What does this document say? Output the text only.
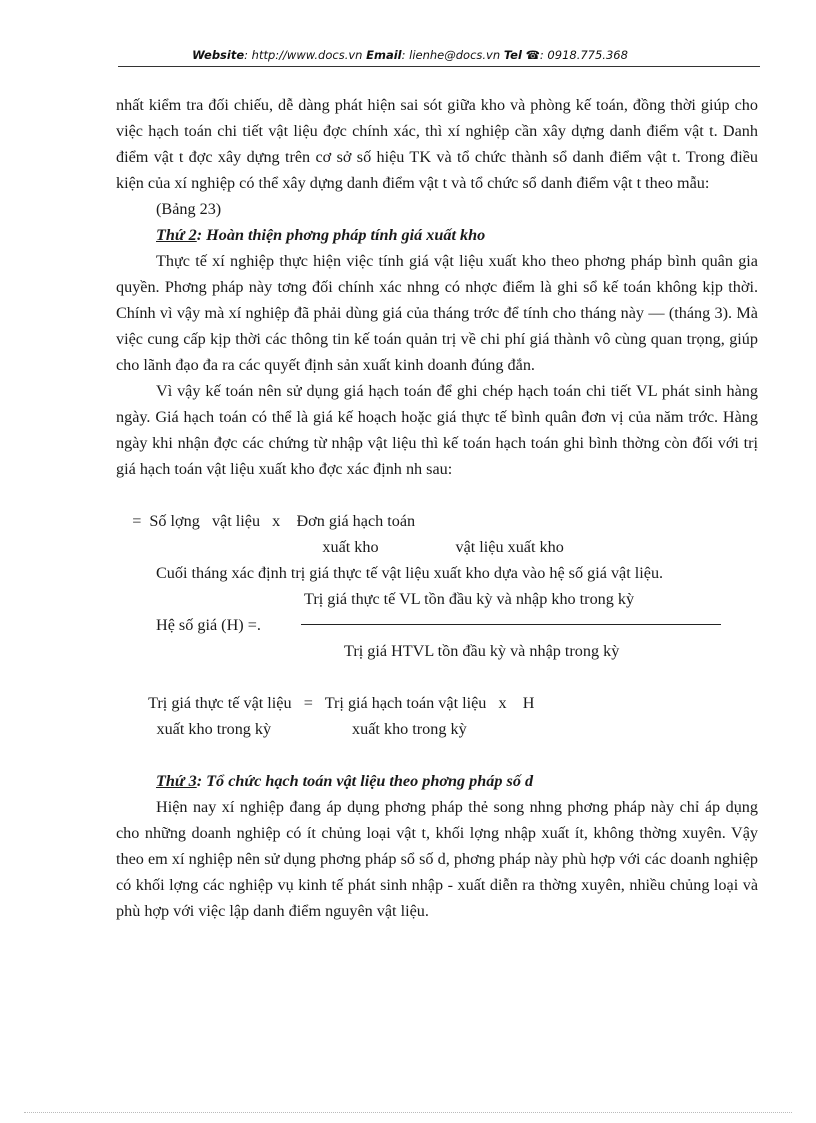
Website: http://www.docs.vn Email: lienhe@docs.vn Tel ☎: 0918.775.368

nhất kiểm tra đối chiếu, dễ dàng phát hiện sai sót giữa kho và phòng kế toán, đồng thời giúp cho việc hạch toán chi tiết vật liệu đợc chính xác, thì xí nghiệp cần xây dựng danh điểm vật t. Danh điểm vật t đợc xây dựng trên cơ sở số hiệu TK và tổ chức thành sổ danh điểm vật t. Trong điều kiện của xí nghiệp có thể xây dựng danh điểm vật t và tổ chức sổ danh điểm vật t theo mẫu:

(Bảng 23)

Thứ 2: Hoàn thiện phơng pháp tính giá xuất kho

Thực tế xí nghiệp thực hiện việc tính giá vật liệu xuất kho theo phơng pháp bình quân gia quyền. Phơng pháp này tơng đối chính xác nhng có nhợc điểm là ghi sổ kế toán không kịp thời. Chính vì vậy mà xí nghiệp đã phải dùng giá của tháng trớc để tính cho tháng này — (tháng 3). Mà việc cung cấp kịp thời các thông tin kế toán quản trị về chi phí giá thành vô cùng quan trọng, giúp cho lãnh đạo đa ra các quyết định sản xuất kinh doanh đúng đắn.

Vì vậy kế toán nên sử dụng giá hạch toán để ghi chép hạch toán chi tiết VL phát sinh hàng ngày. Giá hạch toán có thể là giá kế hoạch hoặc giá thực tế bình quân đơn vị của năm trớc. Hàng ngày khi nhận đợc các chứng từ nhập vật liệu thì kế toán hạch toán ghi bình thờng còn đối với trị giá hạch toán vật liệu xuất kho đợc xác định nh sau:

=  Số lợng   vật liệu   x    Đơn giá hạch toán
xuất kho                   vật liệu xuất kho

Cuối tháng xác định trị giá thực tế vật liệu xuất kho dựa vào hệ số giá vật liệu.

Trị giá thực tế VL tồn đầu kỳ và nhập kho trong kỳ
Hệ số giá (H) =.
Trị giá HTVL tồn đầu kỳ và nhập trong kỳ
Trị giá thực tế vật liệu   =   Trị giá hạch toán vật liệu   x    H
xuất kho trong kỳ                    xuất kho trong kỳ

Thứ 3: Tổ chức hạch toán vật liệu theo phơng pháp số d

Hiện nay xí nghiệp đang áp dụng phơng pháp thẻ song nhng phơng pháp này chỉ áp dụng cho những doanh nghiệp có ít chủng loại vật t, khối lợng nhập xuất ít, không thờng xuyên. Vậy theo em xí nghiệp nên sử dụng phơng pháp sổ số d, phơng pháp này phù hợp với các doanh nghiệp có khối lợng các nghiệp vụ kinh tế phát sinh nhập - xuất diễn ra thờng xuyên, nhiều chủng loại và phù hợp với việc lập danh điểm nguyên vật liệu.
